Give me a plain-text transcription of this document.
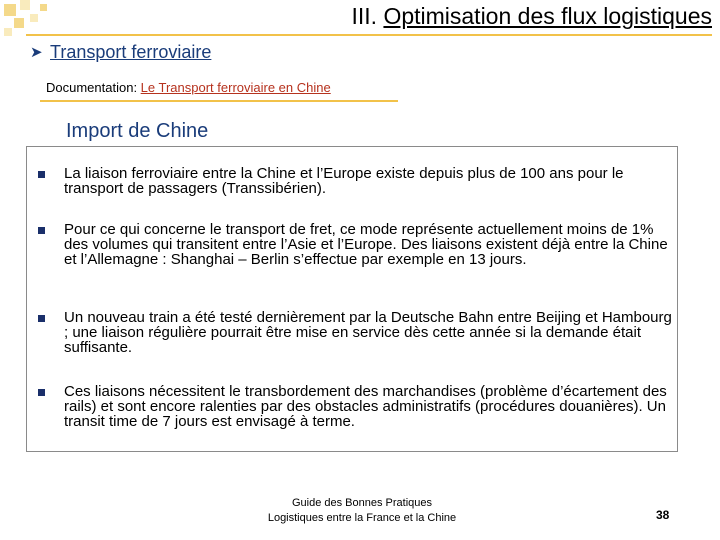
III. Optimisation des flux logistiques
➤ Transport ferroviaire
Documentation: Le Transport ferroviaire en Chine
Import de Chine
La liaison ferroviaire entre la Chine et l’Europe existe depuis plus de 100 ans pour le transport de passagers (Transsibérien).
Pour ce qui concerne le transport de fret, ce mode représente actuellement moins de 1% des volumes qui transitent entre l’Asie et l’Europe. Des liaisons existent déjà entre la Chine et l’Allemagne : Shanghai – Berlin s’effectue par exemple en 13 jours.
Un nouveau train a été testé dernièrement par la Deutsche Bahn entre Beijing et Hambourg ; une liaison régulière pourrait être mise en service dès cette année si la demande était suffisante.
Ces liaisons nécessitent le transbordement des marchandises (problème d’écartement des rails) et sont encore ralenties par des obstacles administratifs (procédures douanières). Un transit time de 7 jours est envisagé à terme.
Guide des Bonnes Pratiques
Logistiques entre la France et la Chine	38
